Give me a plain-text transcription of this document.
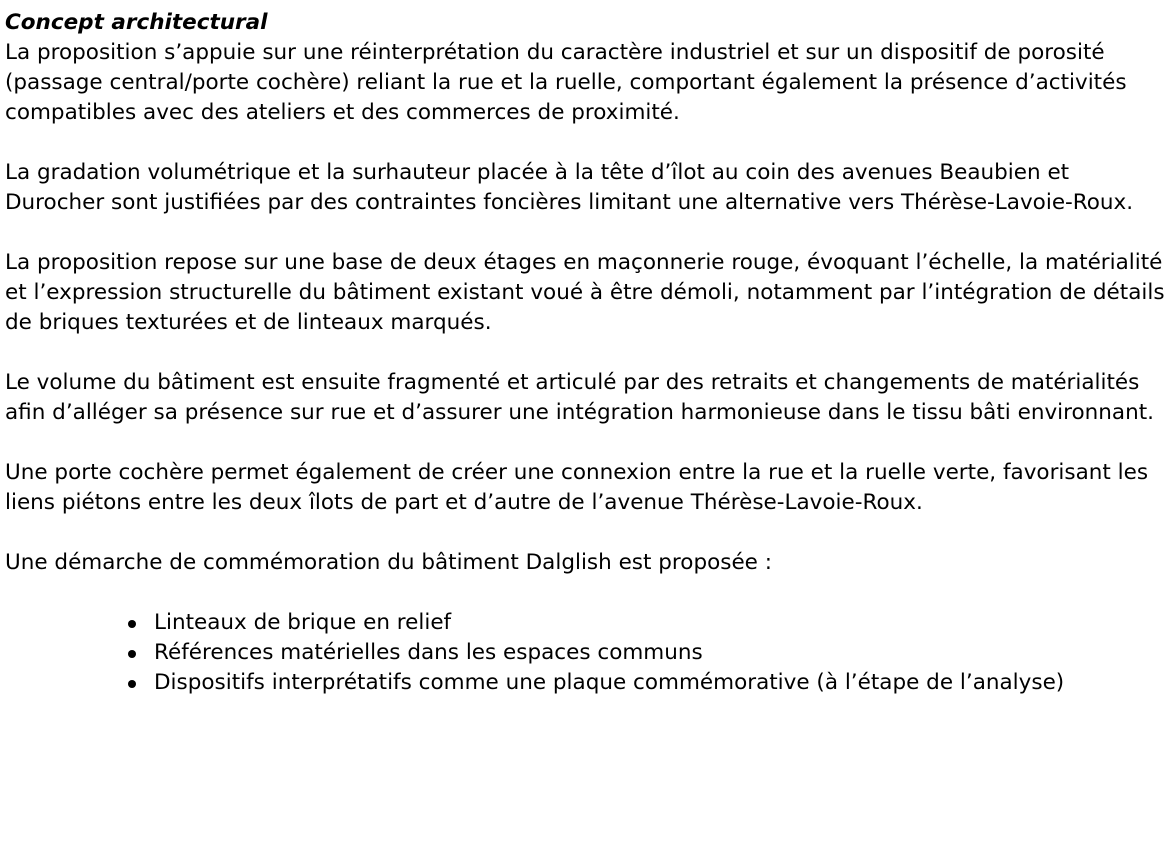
Concept architectural

La proposition s’appuie sur une réinterprétation du caractère industriel et sur un dispositif de porosité (passage central/porte cochère) reliant la rue et la ruelle, comportant également la présence d’activités compatibles avec des ateliers et des commerces de proximité.

La gradation volumétrique et la surhauteur placée à la tête d’îlot au coin des avenues Beaubien et Durocher sont justifiées par des contraintes foncières limitant une alternative vers Thérèse-Lavoie-Roux.

La proposition repose sur une base de deux étages en maçonnerie rouge, évoquant l’échelle, la matérialité et l’expression structurelle du bâtiment existant voué à être démoli, notamment par l’intégration de détails de briques texturées et de linteaux marqués.

Le volume du bâtiment est ensuite fragmenté et articulé par des retraits et changements de matérialités afin d’alléger sa présence sur rue et d’assurer une intégration harmonieuse dans le tissu bâti environnant.

Une porte cochère permet également de créer une connexion entre la rue et la ruelle verte, favorisant les liens piétons entre les deux îlots de part et d’autre de l’avenue Thérèse-Lavoie-Roux.

Une démarche de commémoration du bâtiment Dalglish est proposée :

Linteaux de brique en relief
Références matérielles dans les espaces communs
Dispositifs interprétatifs comme une plaque commémorative (à l’étape de l’analyse)
